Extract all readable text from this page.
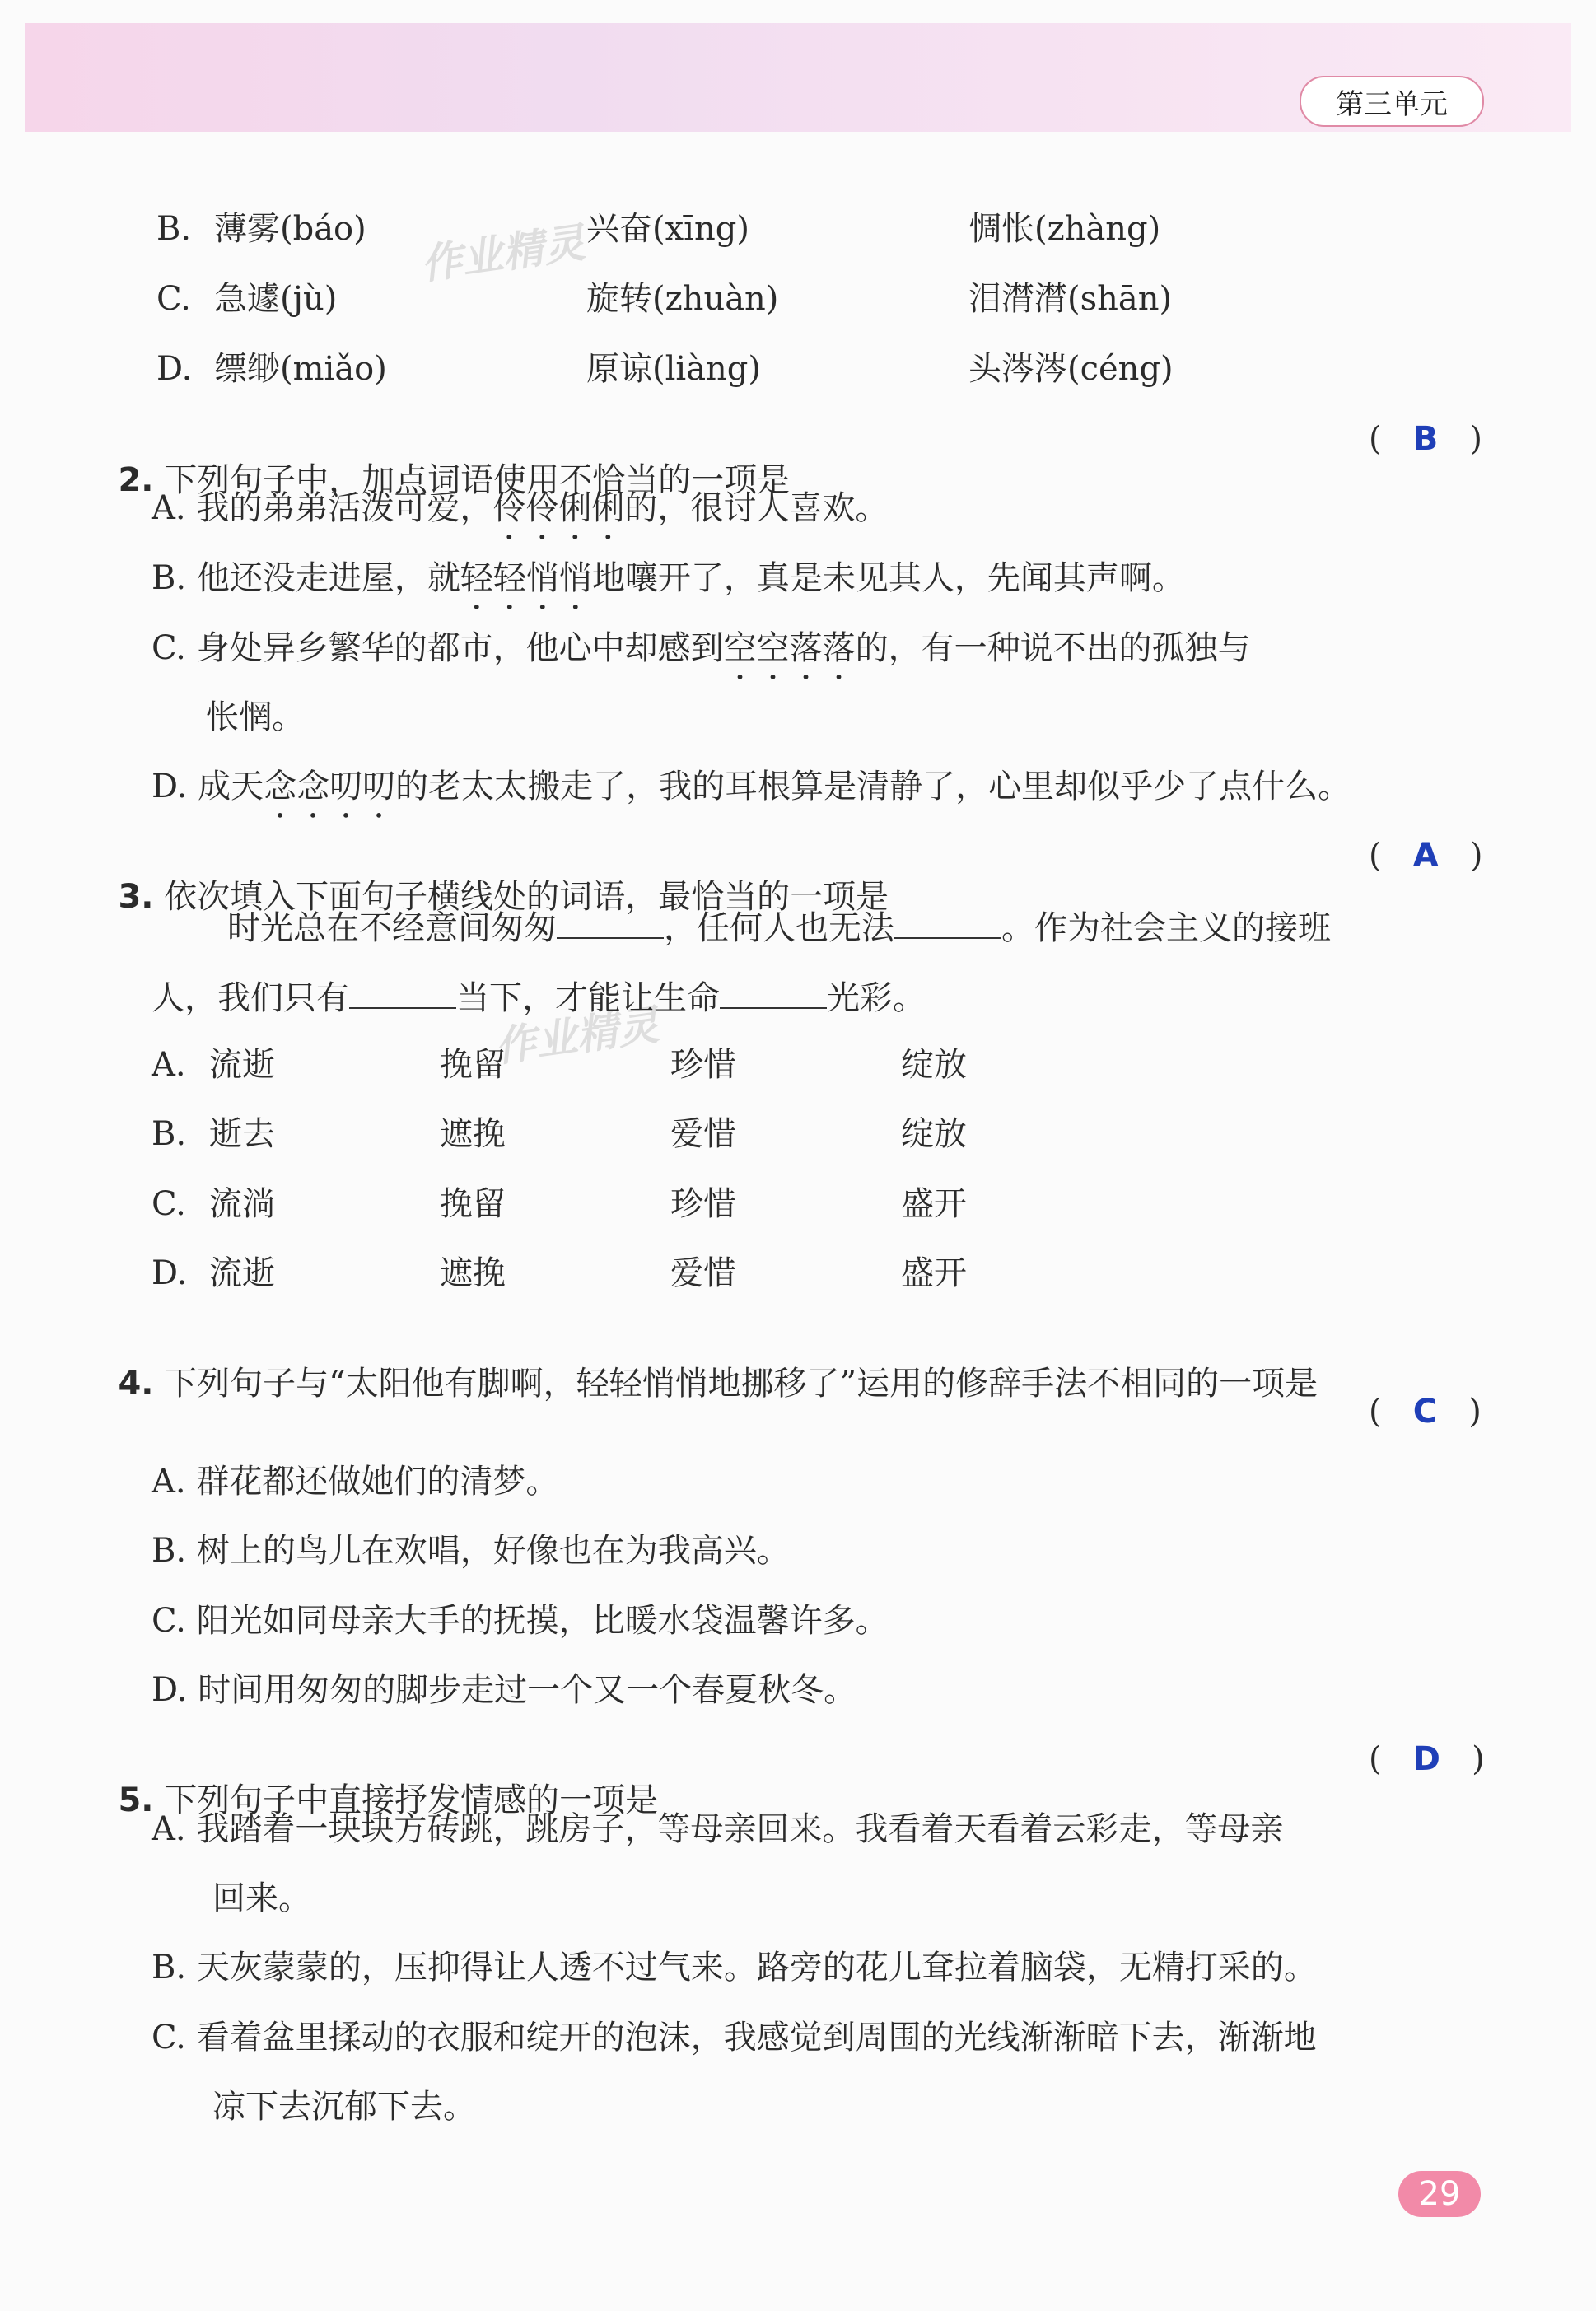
第三单元
作业精灵
作业精灵
B. 薄雾(báo)	兴奋(xīng)	惆怅(zhàng)
C. 急遽(jù)	旋转(zhuàn)	泪潸潸(shān)
D. 缥缈(miǎo)	原谅(liàng)	头涔涔(céng)

2. 下列句子中，加点词语使用不恰当的一项是

(   B   )
A. 我的弟弟活泼可爱，伶伶俐俐的，很讨人喜欢。
B. 他还没走进屋，就轻轻悄悄地嚷开了，真是未见其人，先闻其声啊。
C. 身处异乡繁华的都市，他心中却感到空空落落的，有一种说不出的孤独与
怅惘。
D. 成天念念叨叨的老太太搬走了，我的耳根算是清静了，心里却似乎少了点什么。

3. 依次填入下面句子横线处的词语，最恰当的一项是

(   A   )
时光总在不经意间匆匆	，任何人也无法	。作为社会主义的接班
人，我们只有	当下，才能让生命	光彩。
A. 流逝	挽留	珍惜	绽放
B. 逝去	遮挽	爱惜	绽放
C. 流淌	挽留	珍惜	盛开
D. 流逝	遮挽	爱惜	盛开

4. 下列句子与“太阳他有脚啊，轻轻悄悄地挪移了”运用的修辞手法不相同的一项是

(   C   )
A. 群花都还做她们的清梦。
B. 树上的鸟儿在欢唱，好像也在为我高兴。
C. 阳光如同母亲大手的抚摸，比暖水袋温馨许多。
D. 时间用匆匆的脚步走过一个又一个春夏秋冬。

5. 下列句子中直接抒发情感的一项是

(   D   )
A. 我踏着一块块方砖跳，跳房子，等母亲回来。我看着天看着云彩走，等母亲
回来。
B. 天灰蒙蒙的，压抑得让人透不过气来。路旁的花儿耷拉着脑袋，无精打采的。
C. 看着盆里揉动的衣服和绽开的泡沫，我感觉到周围的光线渐渐暗下去，渐渐地
凉下去沉郁下去。
29
